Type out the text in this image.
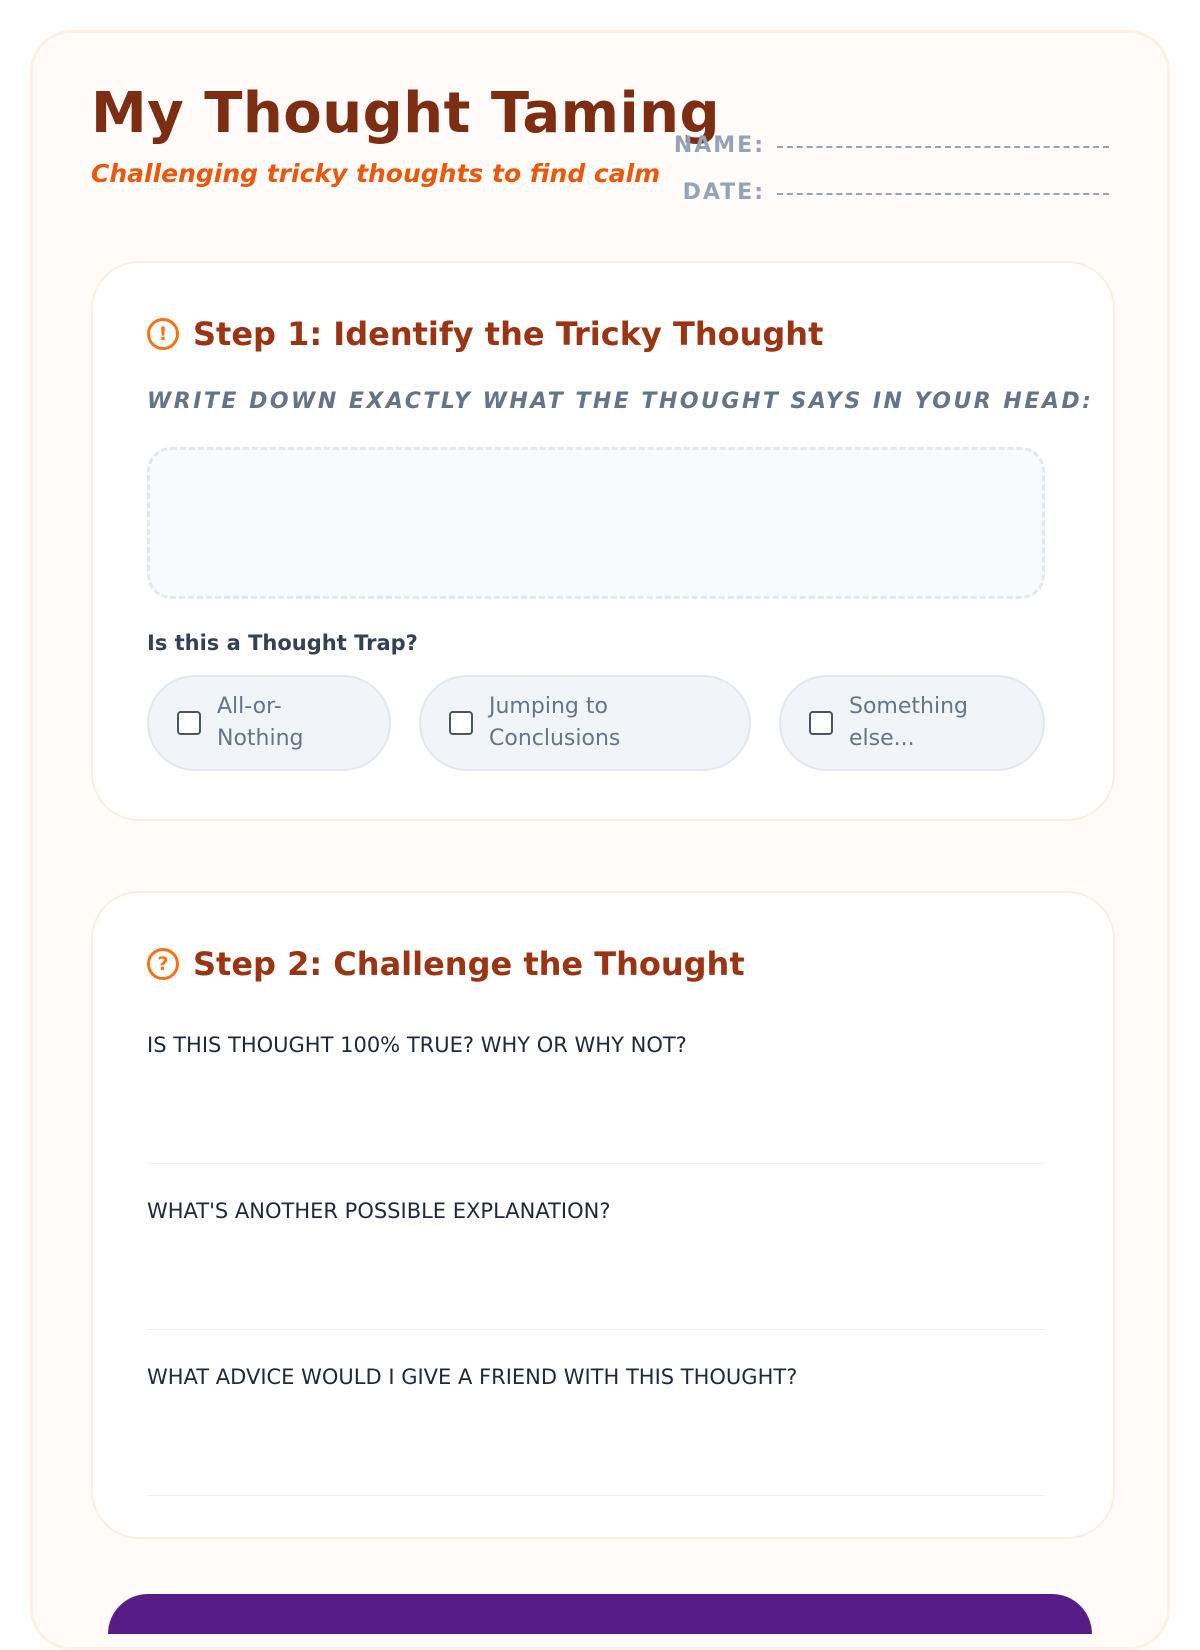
My Thought Taming

Challenging tricky thoughts to find calm

NAME:
DATE:
! Step 1: Identify the Tricky Thought

WRITE DOWN EXACTLY WHAT THE THOUGHT SAYS IN YOUR HEAD:

Is this a Thought Trap?

All-or-Nothing
Jumping to Conclusions
Something else...
? Step 2: Challenge the Thought

IS THIS THOUGHT 100% TRUE? WHY OR WHY NOT?

WHAT'S ANOTHER POSSIBLE EXPLANATION?

WHAT ADVICE WOULD I GIVE A FRIEND WITH THIS THOUGHT?
